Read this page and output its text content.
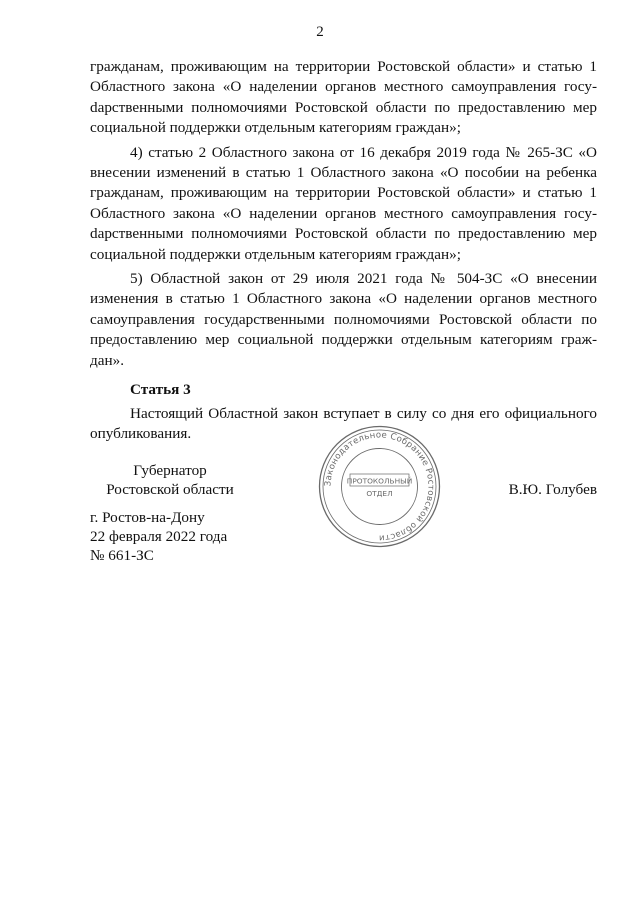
2

гражданам, проживающим на территории Ростовской области» и статью 1 Областного закона «О наделении органов местного самоуправления госуdарственными полномочиями Ростовской области по предоставлению мер социальной поддержки отдельным категориям граждан»;

4) статью 2 Областного закона от 16 декабря 2019 года № 265-ЗС «О внесении изменений в статью 1 Областного закона «О пособии на ребенка гражданам, проживающим на территории Ростовской области» и статью 1 Областного закона «О наделении органов местного самоуправления госуdарственными полномочиями Ростовской области по предоставлению мер социальной поддержки отдельным категориям граждан»;

5) Областной закон от 29 июля 2021 года № 504-ЗС «О внесении изменения в статью 1 Областного закона «О наделении органов местного самоуправления государственными полномочиями Ростовской области по предоставлению мер социальной поддержки отдельным категориям граждан».

Статья 3

Настоящий Областной закон вступает в силу со дня его официального опубликования.

Губернатор
Ростовской области	В.Ю. Голубев
Законодательное Собрание Ростовской области
ПРОТОКОЛЬНЫЙ
ОТДЕЛ
г. Ростов-на-Дону
22 февраля 2022 года
№ 661-ЗС
